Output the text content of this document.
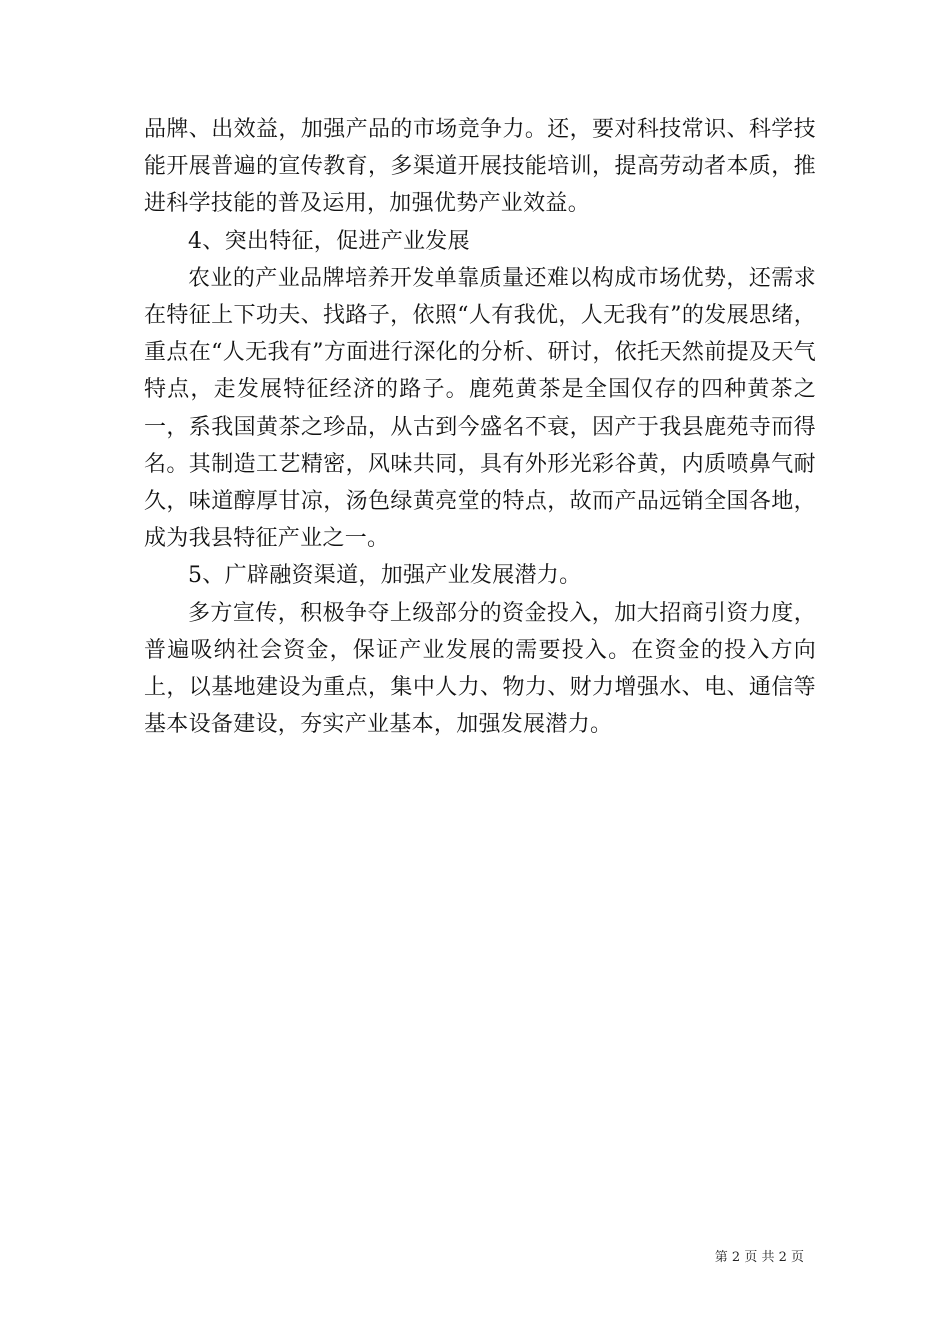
品牌、出效益，加强产品的市场竞争力。还，要对科技常识、科学技能开展普遍的宣传教育，多渠道开展技能培训，提高劳动者本质，推进科学技能的普及运用，加强优势产业效益。

4、突出特征，促进产业发展

农业的产业品牌培养开发单靠质量还难以构成市场优势，还需求在特征上下功夫、找路子，依照“人有我优，人无我有”的发展思绪，重点在“人无我有”方面进行深化的分析、研讨，依托天然前提及天气特点，走发展特征经济的路子。鹿苑黄茶是全国仅存的四种黄茶之一，系我国黄茶之珍品，从古到今盛名不衰，因产于我县鹿苑寺而得名。其制造工艺精密，风味共同，具有外形光彩谷黄，内质喷鼻气耐久，味道醇厚甘凉，汤色绿黄亮堂的特点，故而产品远销全国各地，成为我县特征产业之一。

5、广辟融资渠道，加强产业发展潜力。

多方宣传，积极争夺上级部分的资金投入，加大招商引资力度，普遍吸纳社会资金，保证产业发展的需要投入。在资金的投入方向上，以基地建设为重点，集中人力、物力、财力增强水、电、通信等基本设备建设，夯实产业基本，加强发展潜力。

第 2 页 共 2 页
